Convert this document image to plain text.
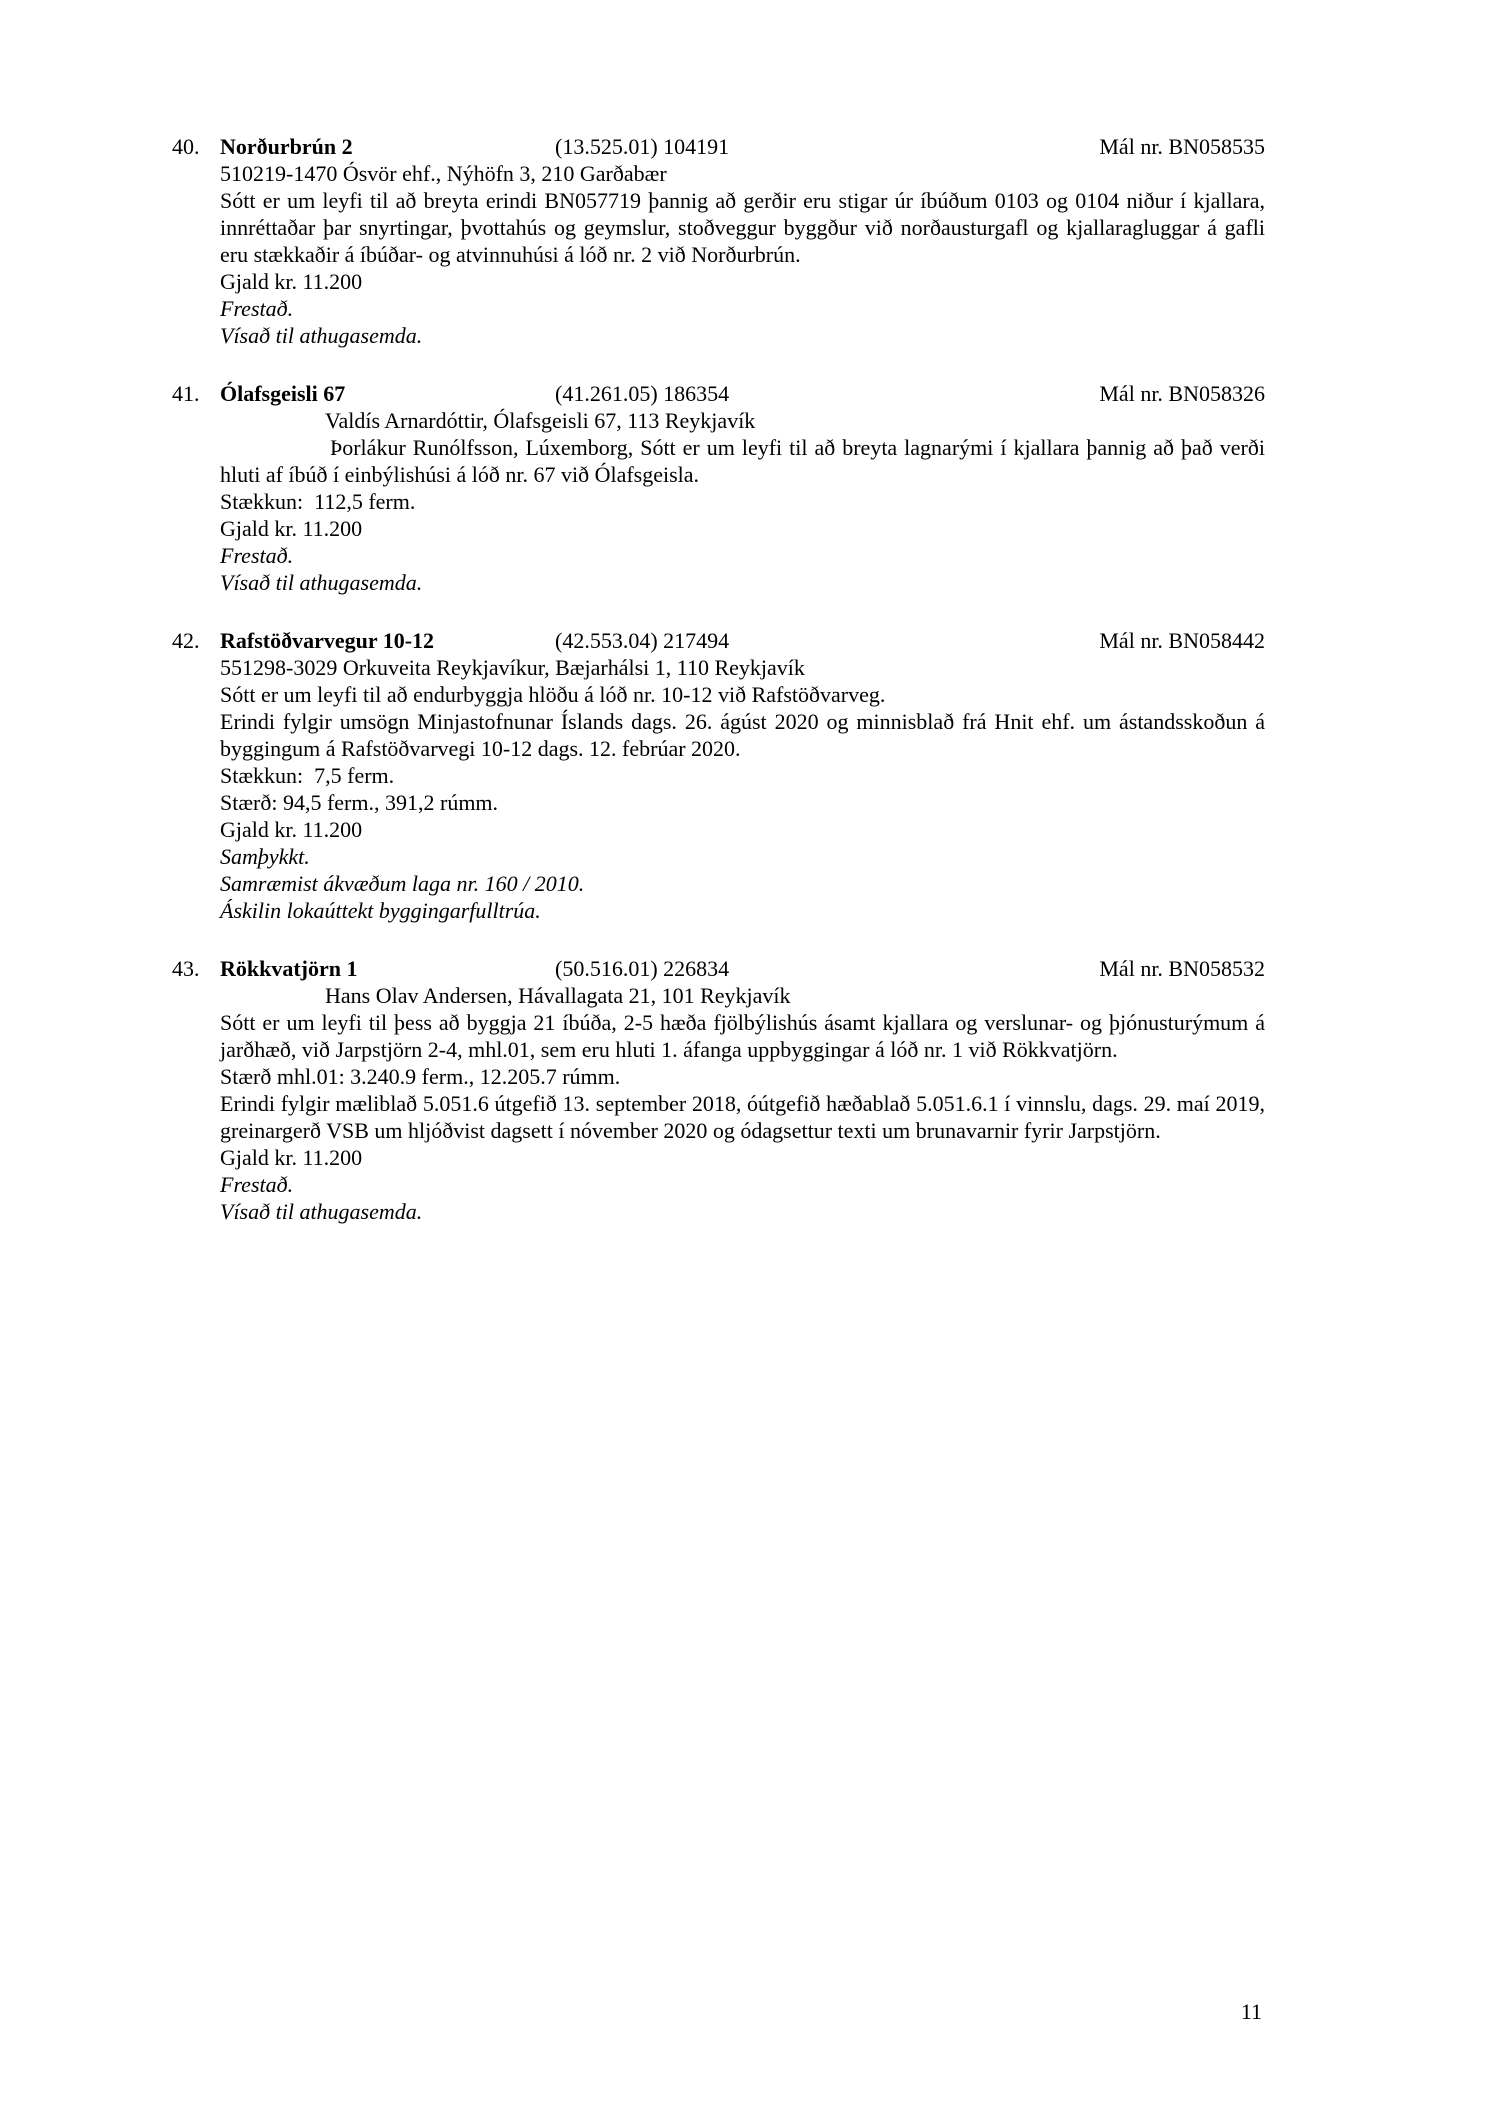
40. Norðurbrún 2	(13.525.01) 104191	Mál nr. BN058535

510219-1470 Ósvör ehf., Nýhöfn 3, 210 Garðabær

Sótt er um leyfi til að breyta erindi BN057719 þannig að gerðir eru stigar úr íbúðum 0103 og 0104 niður í kjallara, innréttaðar þar snyrtingar, þvottahús og geymslur, stoðveggur byggður við norðausturgafl og kjallaragluggar á gafli eru stækkaðir á íbúðar- og atvinnuhúsi á lóð nr. 2 við Norðurbrún.

Gjald kr. 11.200

Frestað.

Vísað til athugasemda.

41. Ólafsgeisli 67	(41.261.05) 186354	Mál nr. BN058326

Valdís Arnardóttir, Ólafsgeisli 67, 113 Reykjavík

Þorlákur Runólfsson, Lúxemborg, Sótt er um leyfi til að breyta lagnarými í kjallara þannig að það verði hluti af íbúð í einbýlishúsi á lóð nr. 67 við Ólafsgeisla.

Stækkun:  112,5 ferm.

Gjald kr. 11.200

Frestað.

Vísað til athugasemda.

42. Rafstöðvarvegur 10-12	(42.553.04) 217494	Mál nr. BN058442

551298-3029 Orkuveita Reykjavíkur, Bæjarhálsi 1, 110 Reykjavík

Sótt er um leyfi til að endurbyggja hlöðu á lóð nr. 10-12 við Rafstöðvarveg.

Erindi fylgir umsögn Minjastofnunar Íslands dags. 26. ágúst 2020 og minnisblað frá Hnit ehf. um ástandsskoðun á byggingum á Rafstöðvarvegi 10-12 dags. 12. febrúar 2020.

Stækkun:  7,5 ferm.

Stærð: 94,5 ferm., 391,2 rúmm.

Gjald kr. 11.200

Samþykkt.

Samræmist ákvæðum laga nr. 160 / 2010.

Áskilin lokaúttekt byggingarfulltrúa.

43. Rökkvatjörn 1	(50.516.01) 226834	Mál nr. BN058532

Hans Olav Andersen, Hávallagata 21, 101 Reykjavík

Sótt er um leyfi til þess að byggja 21 íbúða, 2-5 hæða fjölbýlishús ásamt kjallara og verslunar- og þjónusturýmum á jarðhæð, við Jarpstjörn 2-4, mhl.01, sem eru hluti 1. áfanga uppbyggingar á lóð nr. 1 við Rökkvatjörn.

Stærð mhl.01: 3.240.9 ferm., 12.205.7 rúmm.

Erindi fylgir mæliblað 5.051.6 útgefið 13. september 2018, óútgefið hæðablað 5.051.6.1 í vinnslu, dags. 29. maí 2019, greinargerð VSB um hljóðvist dagsett í nóvember 2020 og ódagsettur texti um brunavarnir fyrir Jarpstjörn.

Gjald kr. 11.200

Frestað.

Vísað til athugasemda.

11
